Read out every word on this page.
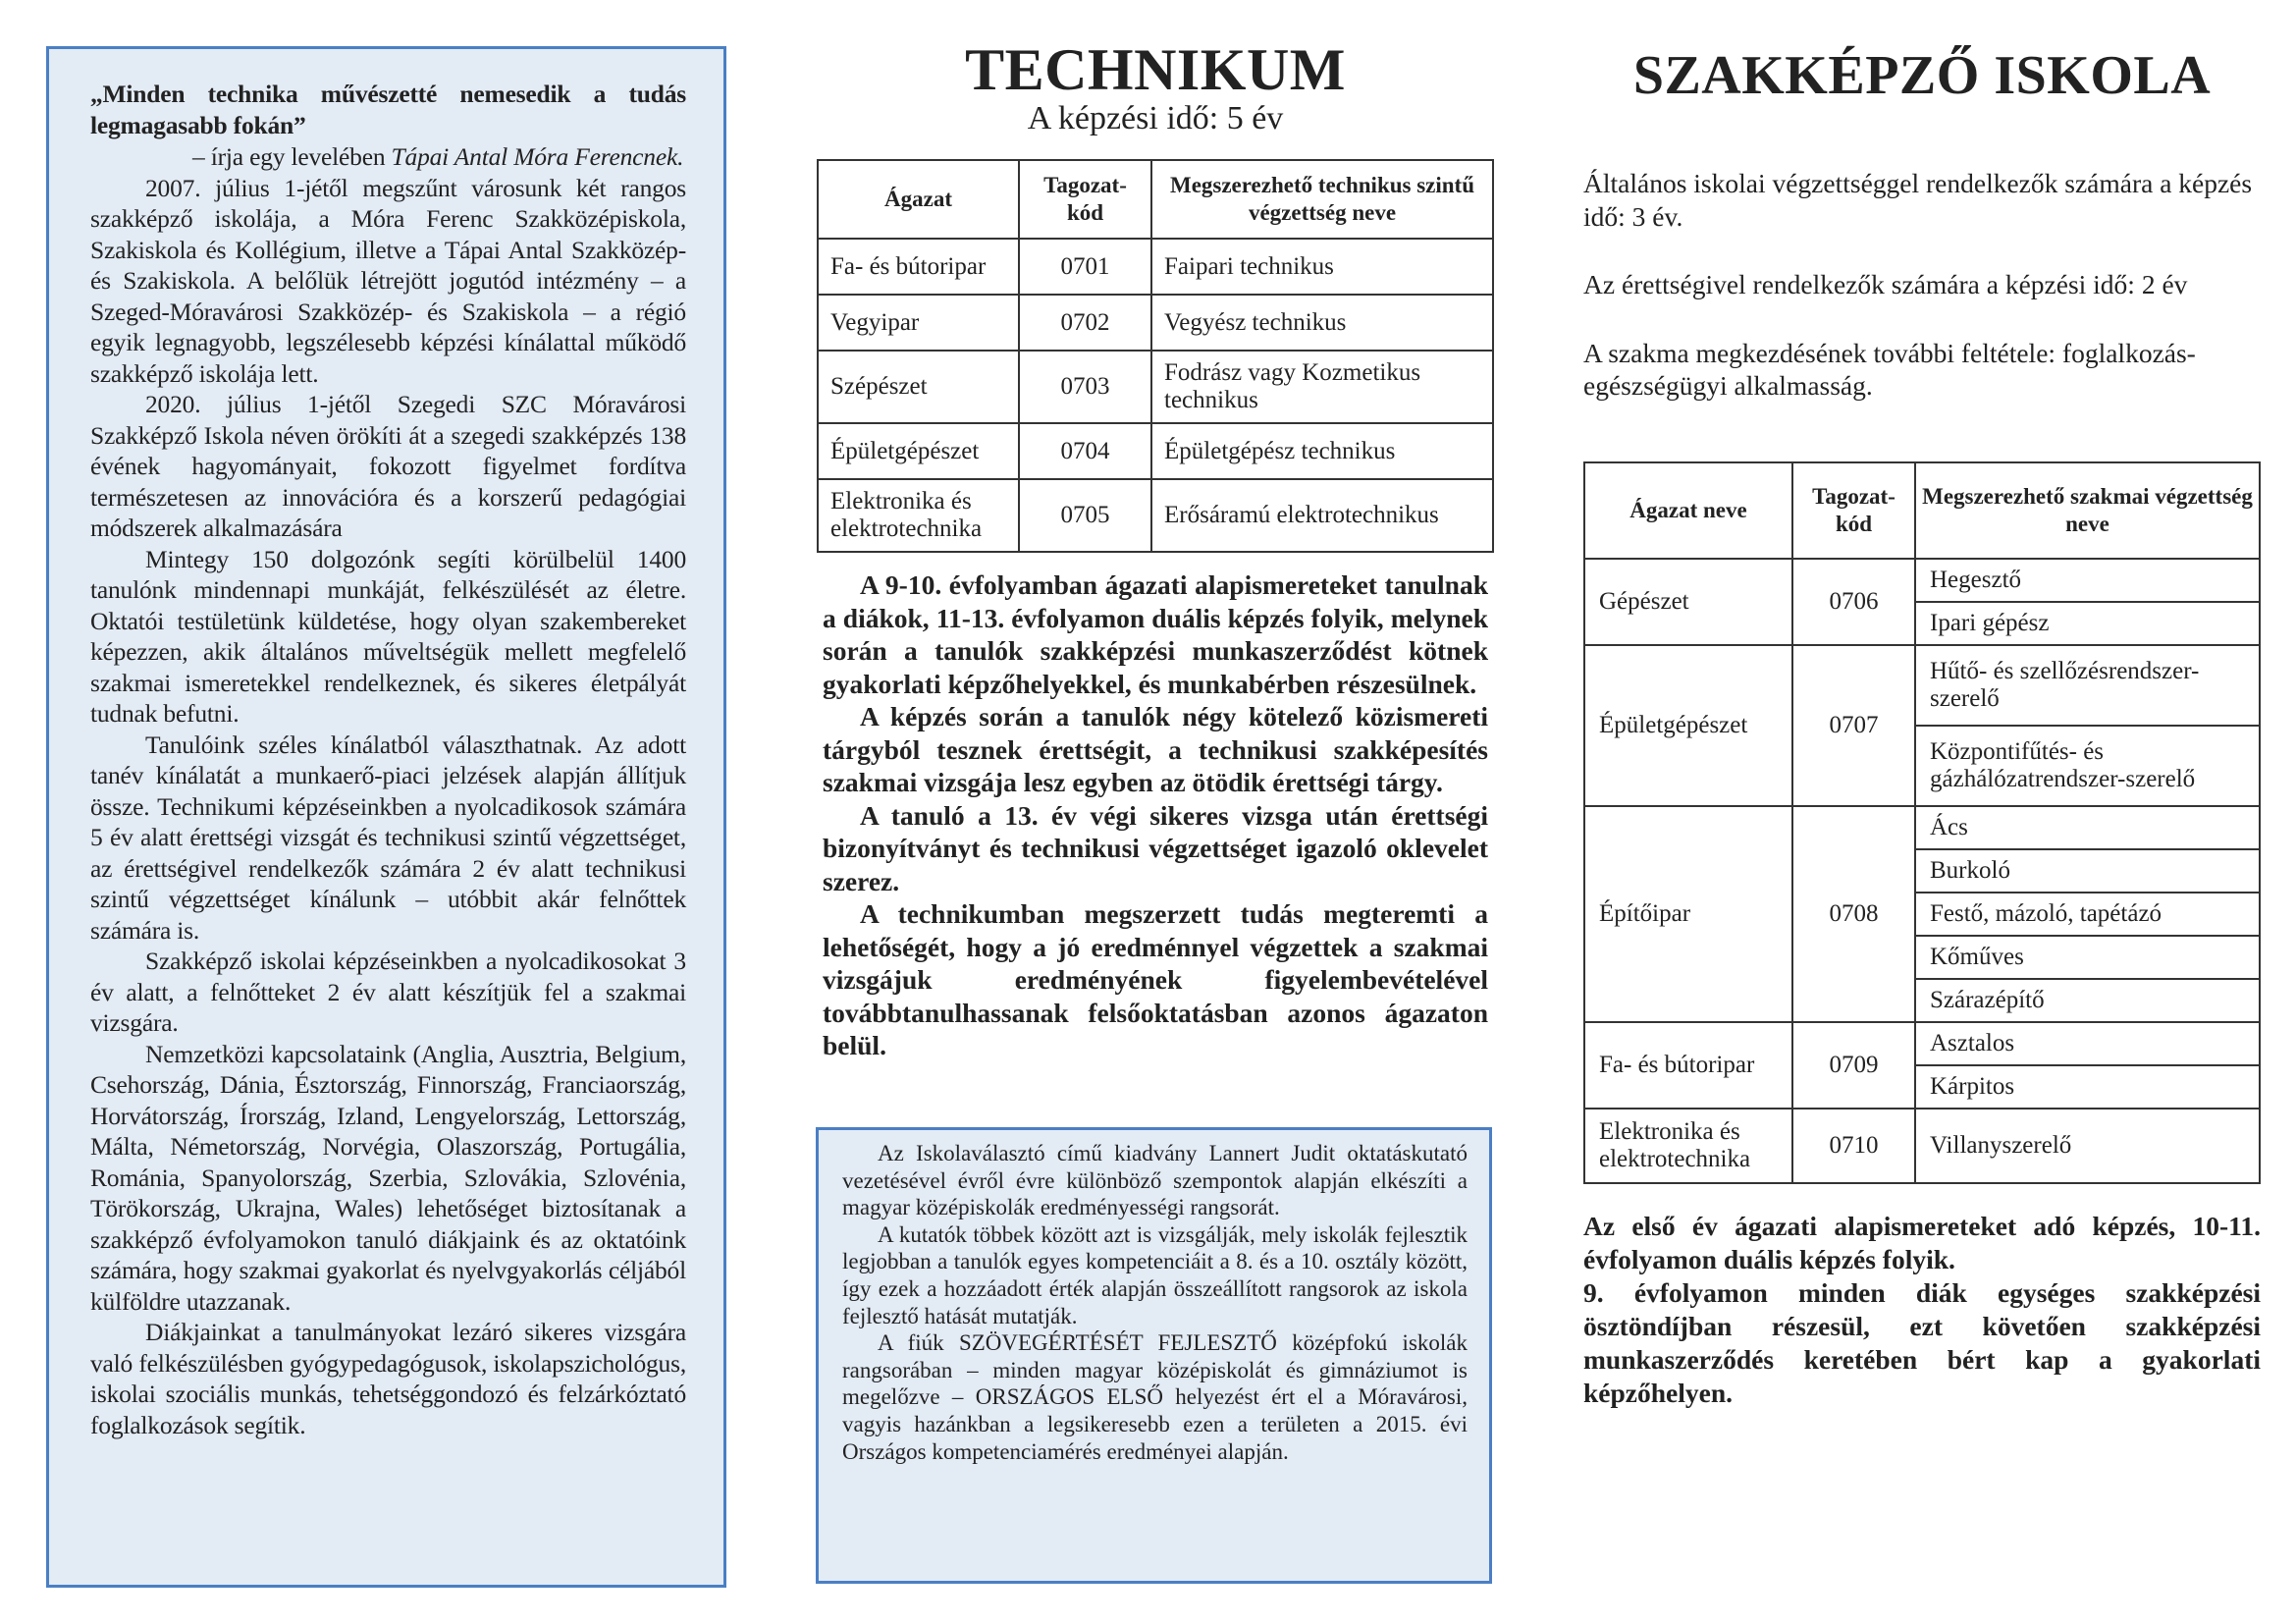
„Minden technika művészetté nemesedik a tudás legmagasabb fokán”

– írja egy levelében Tápai Antal Móra Ferencnek.

2007. július 1-jétől megszűnt városunk két rangos szakképző iskolája, a Móra Ferenc Szakközépiskola, Szakiskola és Kollégium, illetve a Tápai Antal Szakközép- és Szakiskola. A belőlük létrejött jogutód intézmény – a Szeged-Móravárosi Szakközép- és Szakiskola – a régió egyik legnagyobb, legszélesebb képzési kínálattal működő szakképző iskolája lett.

2020. július 1-jétől Szegedi SZC Móravárosi Szakképző Iskola néven örökíti át a szegedi szakképzés 138 évének hagyományait, fokozott figyelmet fordítva természetesen az innovációra és a korszerű pedagógiai módszerek alkalmazására

Mintegy 150 dolgozónk segíti körülbelül 1400 tanulónk mindennapi munkáját, felkészülését az életre. Oktatói testületünk küldetése, hogy olyan szakembereket képezzen, akik általános műveltségük mellett megfelelő szakmai ismeretekkel rendelkeznek, és sikeres életpályát tudnak befutni.

Tanulóink széles kínálatból választhatnak. Az adott tanév kínálatát a munkaerő-piaci jelzések alapján állítjuk össze. Technikumi képzéseinkben a nyolcadikosok számára 5 év alatt érettségi vizsgát és technikusi szintű végzettséget, az érettségivel rendelkezők számára 2 év alatt technikusi szintű végzettséget kínálunk – utóbbit akár felnőttek számára is.

Szakképző iskolai képzéseinkben a nyolcadikosokat 3 év alatt, a felnőtteket 2 év alatt készítjük fel a szakmai vizsgára.

Nemzetközi kapcsolataink (Anglia, Ausztria, Belgium, Csehország, Dánia, Észtország, Finnország, Franciaország, Horvátország, Írország, Izland, Lengyelország, Lettország, Málta, Németország, Norvégia, Olaszország, Portugália, Románia, Spanyolország, Szerbia, Szlovákia, Szlovénia, Törökország, Ukrajna, Wales) lehetőséget biztosítanak a szakképző évfolyamokon tanuló diákjaink és az oktatóink számára, hogy szakmai gyakorlat és nyelvgyakorlás céljából külföldre utazzanak.

Diákjainkat a tanulmányokat lezáró sikeres vizsgára való felkészülésben gyógypedagógusok, iskolapszichológus, iskolai szociális munkás, tehetséggondozó és felzárkóztató foglalkozások segítik.

TECHNIKUM

A képzési idő: 5 év

Ágazat	Tagozat-kód	Megszerezhető technikus szintű végzettség neve
Fa- és bútoripar	0701	Faipari technikus
Vegyipar	0702	Vegyész technikus
Szépészet	0703	Fodrász vagy Kozmetikus technikus
Épületgépészet	0704	Épületgépész technikus
Elektronika és elektrotechnika	0705	Erősáramú elektrotechnikus

A 9-10. évfolyamban ágazati alapismereteket tanulnak a diákok, 11-13. évfolyamon duális képzés folyik, melynek során a tanulók szakképzési munkaszerződést kötnek gyakorlati képzőhelyekkel, és munkabérben részesülnek.

A képzés során a tanulók négy kötelező közismereti tárgyból tesznek érettségit, a technikusi szakképesítés szakmai vizsgája lesz egyben az ötödik érettségi tárgy.

A tanuló a 13. év végi sikeres vizsga után érettségi bizonyítványt és technikusi végzettséget igazoló oklevelet szerez.

A technikumban megszerzett tudás megteremti a lehetőségét, hogy a jó eredménnyel végzettek a szakmai vizsgájuk eredményének figyelembevételével továbbtanulhassanak felsőoktatásban azonos ágazaton belül.

Az Iskolaválasztó című kiadvány Lannert Judit oktatáskutató vezetésével évről évre különböző szempontok alapján elkészíti a magyar középiskolák eredményességi rangsorát.

A kutatók többek között azt is vizsgálják, mely iskolák fejlesztik legjobban a tanulók egyes kompetenciáit a 8. és a 10. osztály között, így ezek a hozzáadott érték alapján összeállított rangsorok az iskola fejlesztő hatását mutatják.

A fiúk SZÖVEGÉRTÉSÉT FEJLESZTŐ középfokú iskolák rangsorában – minden magyar középiskolát és gimnáziumot is megelőzve – ORSZÁGOS ELSŐ helyezést ért el a Móravárosi, vagyis hazánkban a legsikeresebb ezen a területen a 2015. évi Országos kompetenciamérés eredményei alapján.

SZAKKÉPZŐ ISKOLA

Általános iskolai végzettséggel rendelkezők számára a képzés idő: 3 év.

Az érettségivel rendelkezők számára a képzési idő: 2 év

A szakma megkezdésének további feltétele: foglalkozás-egészségügyi alkalmasság.

Ágazat neve	Tagozat-kód	Megszerezhető szakmai végzettség neve
Gépészet	0706	Hegesztő
		Ipari gépész
Épületgépészet	0707	Hűtő- és szellőzésrendszer-szerelő
		Központifűtés- és gázhálózatrendszer-szerelő
Építőipar	0708	Ács
		Burkoló
		Festő, mázoló, tapétázó
		Kőműves
		Szárazépítő
Fa- és bútoripar	0709	Asztalos
		Kárpitos
Elektronika és elektrotechnika	0710	Villanyszerelő

Az első év ágazati alapismereteket adó képzés, 10-11. évfolyamon duális képzés folyik.

9. évfolyamon minden diák egységes szakképzési ösztöndíjban részesül, ezt követően szakképzési munkaszerződés keretében bért kap a gyakorlati képzőhelyen.
